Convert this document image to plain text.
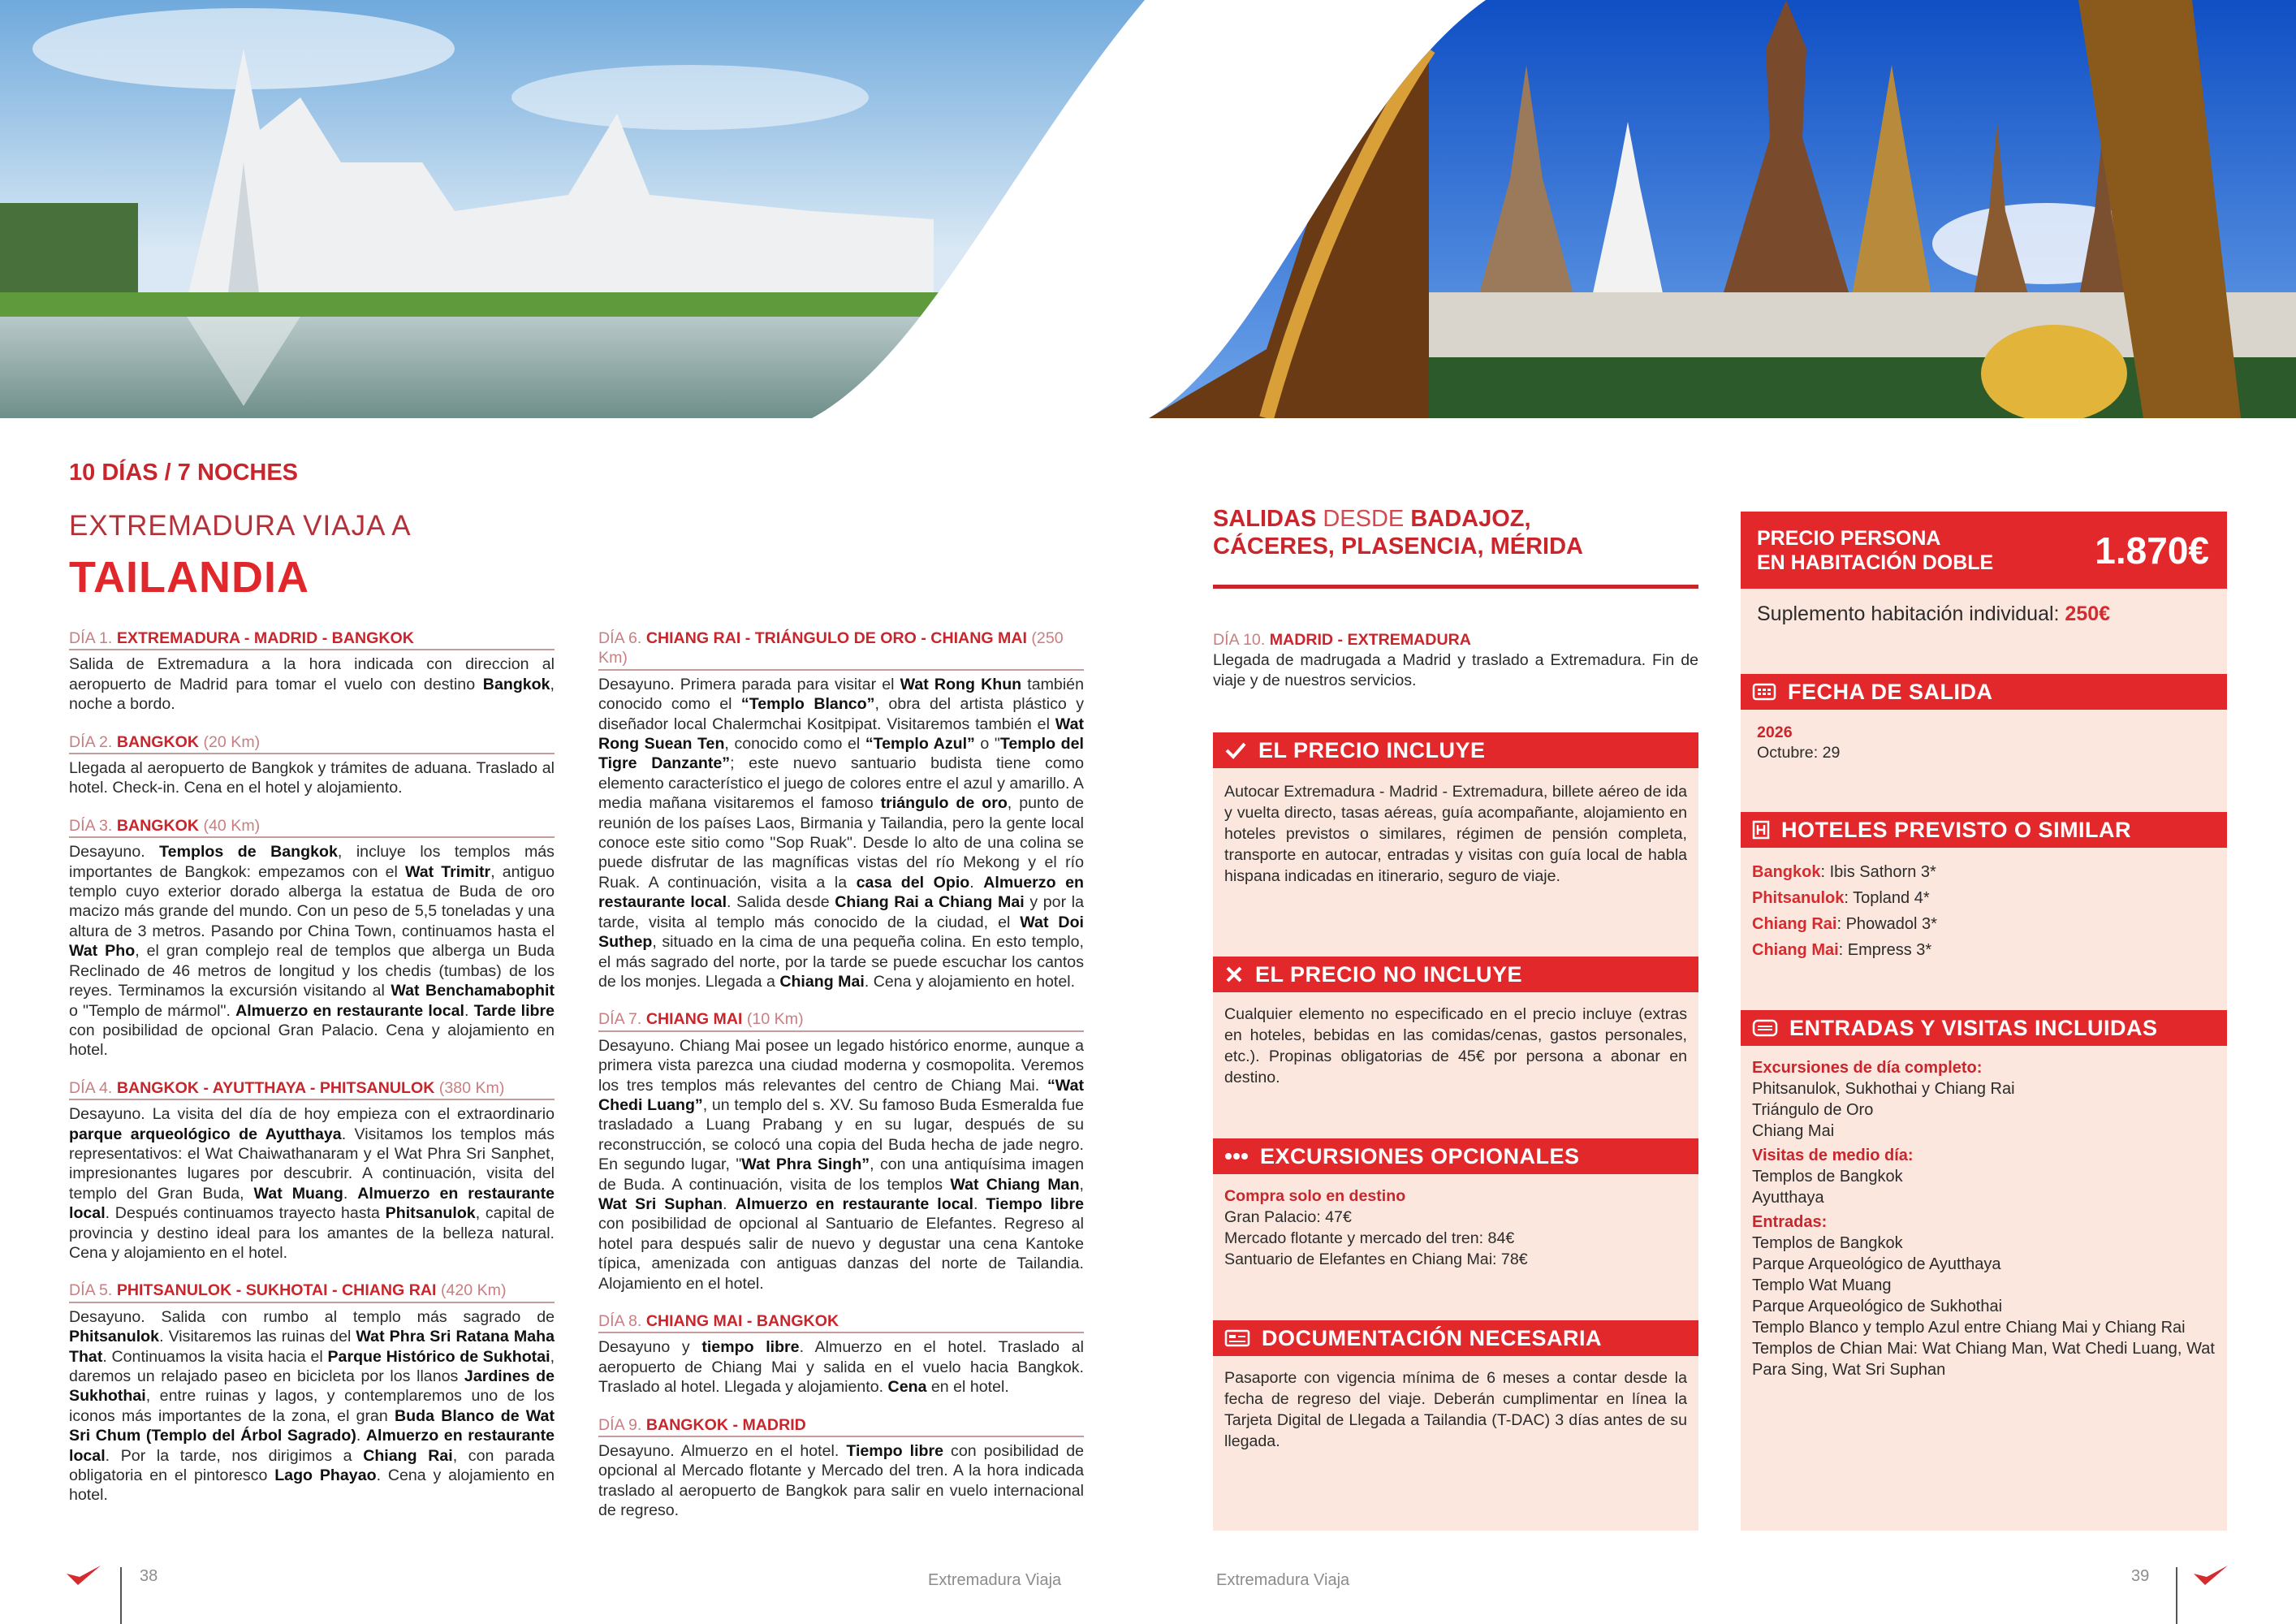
10 DÍAS / 7 NOCHES
EXTREMADURA VIAJA A
TAILANDIA
DÍA 1. EXTREMADURA - MADRID - BANGKOK

Salida de Extremadura a la hora indicada con direccion al aeropuerto de Madrid para tomar el vuelo con destino Bangkok, noche a bordo.

DÍA 2. BANGKOK (20 Km)

Llegada al aeropuerto de Bangkok y trámites de aduana. Traslado al hotel. Check-in. Cena en el hotel y alojamiento.

DÍA 3. BANGKOK (40 Km)

Desayuno. Templos de Bangkok, incluye los templos más importantes de Bangkok: empezamos con el Wat Trimitr, antiguo templo cuyo exterior dorado alberga la estatua de Buda de oro macizo más grande del mundo. Con un peso de 5,5 toneladas y una altura de 3 metros. Pasando por China Town, continuamos hasta el Wat Pho, el gran complejo real de templos que alberga un Buda Reclinado de 46 metros de longitud y los chedis (tumbas) de los reyes. Terminamos la excursión visitando al Wat Benchamabophit o "Templo de mármol". Almuerzo en restaurante local. Tarde libre con posibilidad de opcional Gran Palacio. Cena y alojamiento en hotel.

DÍA 4. BANGKOK - AYUTTHAYA - PHITSANULOK (380 Km)

Desayuno. La visita del día de hoy empieza con el extraordinario parque arqueológico de Ayutthaya. Visitamos los templos más representativos: el Wat Chaiwathanaram y el Wat Phra Sri Sanphet, impresionantes lugares por descubrir. A continuación, visita del templo del Gran Buda, Wat Muang. Almuerzo en restaurante local. Después continuamos trayecto hasta Phitsanulok, capital de provincia y destino ideal para los amantes de la belleza natural. Cena y alojamiento en el hotel.

DÍA 5. PHITSANULOK - SUKHOTAI - CHIANG RAI (420 Km)

Desayuno. Salida con rumbo al templo más sagrado de Phitsanulok. Visitaremos las ruinas del Wat Phra Sri Ratana Maha That. Continuamos la visita hacia el Parque Histórico de Sukhotai, daremos un relajado paseo en bicicleta por los llanos Jardines de Sukhothai, entre ruinas y lagos, y contemplaremos uno de los iconos más importantes de la zona, el gran Buda Blanco de Wat Sri Chum (Templo del Árbol Sagrado). Almuerzo en restaurante local. Por la tarde, nos dirigimos a Chiang Rai, con parada obligatoria en el pintoresco Lago Phayao. Cena y alojamiento en hotel.

DÍA 6. CHIANG RAI - TRIÁNGULO DE ORO - CHIANG MAI (250 Km)

Desayuno. Primera parada para visitar el Wat Rong Khun también conocido como el “Templo Blanco”, obra del artista plástico y diseñador local Chalermchai Kositpipat. Visitaremos también el Wat Rong Suean Ten, conocido como el “Templo Azul” o "Templo del Tigre Danzante”; este nuevo santuario budista tiene como elemento característico el juego de colores entre el azul y amarillo. A media mañana visitaremos el famoso triángulo de oro, punto de reunión de los países Laos, Birmania y Tailandia, pero la gente local conoce este sitio como "Sop Ruak". Desde lo alto de una colina se puede disfrutar de las magníficas vistas del río Mekong y el río Ruak. A continuación, visita a la casa del Opio. Almuerzo en restaurante local. Salida desde Chiang Rai a Chiang Mai y por la tarde, visita al templo más conocido de la ciudad, el Wat Doi Suthep, situado en la cima de una pequeña colina. En esto templo, el más sagrado del norte, por la tarde se puede escuchar los cantos de los monjes. Llegada a Chiang Mai. Cena y alojamiento en hotel.

DÍA 7. CHIANG MAI (10 Km)

Desayuno. Chiang Mai posee un legado histórico enorme, aunque a primera vista parezca una ciudad moderna y cosmopolita. Veremos los tres templos más relevantes del centro de Chiang Mai. “Wat Chedi Luang”, un templo del s. XV. Su famoso Buda Esmeralda fue trasladado a Luang Prabang y en su lugar, después de su reconstrucción, se colocó una copia del Buda hecha de jade negro. En segundo lugar, "Wat Phra Singh”, con una antiquísima imagen de Buda. A continuación, visita de los templos Wat Chiang Man, Wat Sri Suphan. Almuerzo en restaurante local. Tiempo libre con posibilidad de opcional al Santuario de Elefantes. Regreso al hotel para después salir de nuevo y degustar una cena Kantoke típica, amenizada con antiguas danzas del norte de Tailandia. Alojamiento en el hotel.

DÍA 8. CHIANG MAI - BANGKOK

Desayuno y tiempo libre. Almuerzo en el hotel. Traslado al aeropuerto de Chiang Mai y salida en el vuelo hacia Bangkok. Traslado al hotel. Llegada y alojamiento. Cena en el hotel.

DÍA 9. BANGKOK - MADRID

Desayuno. Almuerzo en el hotel. Tiempo libre con posibilidad de opcional al Mercado flotante y Mercado del tren. A la hora indicada traslado al aeropuerto de Bangkok para salir en vuelo internacional de regreso.

SALIDAS DESDE BADAJOZ,
CÁCERES, PLASENCIA, MÉRIDA
DÍA 10. MADRID - EXTREMADURA

Llegada de madrugada a Madrid y traslado a Extremadura. Fin de viaje y de nuestros servicios.

EL PRECIO INCLUYE
Autocar Extremadura - Madrid - Extremadura, billete aéreo de ida y vuelta directo, tasas aéreas, guía acompañante, alojamiento en hoteles previstos o similares, régimen de pensión completa, transporte en autocar, entradas y visitas con guía local de habla hispana indicadas en itinerario, seguro de viaje.
EL PRECIO NO INCLUYE
Cualquier elemento no especificado en el precio incluye (extras en hoteles, bebidas en las comidas/cenas, gastos personales, etc.). Propinas obligatorias de 45€ por persona a abonar en destino.
EXCURSIONES OPCIONALES
Compra solo en destino
Gran Palacio: 47€
Mercado flotante y mercado del tren: 84€
Santuario de Elefantes en Chiang Mai: 78€
DOCUMENTACIÓN NECESARIA
Pasaporte con vigencia mínima de 6 meses a contar desde la fecha de regreso del viaje. Deberán cumplimentar en línea la Tarjeta Digital de Llegada a Tailandia (T-DAC) 3 días antes de su llegada.
PRECIO PERSONA
EN HABITACIÓN DOBLE	1.870€
Suplemento habitación individual: 250€
FECHA DE SALIDA
2026
Octubre: 29
HOTELES PREVISTO O SIMILAR
Bangkok: Ibis Sathorn 3*
Phitsanulok: Topland 4*
Chiang Rai: Phowadol 3*
Chiang Mai: Empress 3*
ENTRADAS Y VISITAS INCLUIDAS
Excursiones de día completo:
Phitsanulok, Sukhothai y Chiang Rai
Triángulo de Oro
Chiang Mai
Visitas de medio día:
Templos de Bangkok
Ayutthaya
Entradas:
Templos de Bangkok
Parque Arqueológico de Ayutthaya
Templo Wat Muang
Parque Arqueológico de Sukhothai
Templo Blanco y templo Azul entre Chiang Mai y Chiang Rai
Templos de Chian Mai: Wat Chiang Man, Wat Chedi Luang, Wat Para Sing, Wat Sri Suphan
38	Extremadura Viaja	Extremadura Viaja	39
